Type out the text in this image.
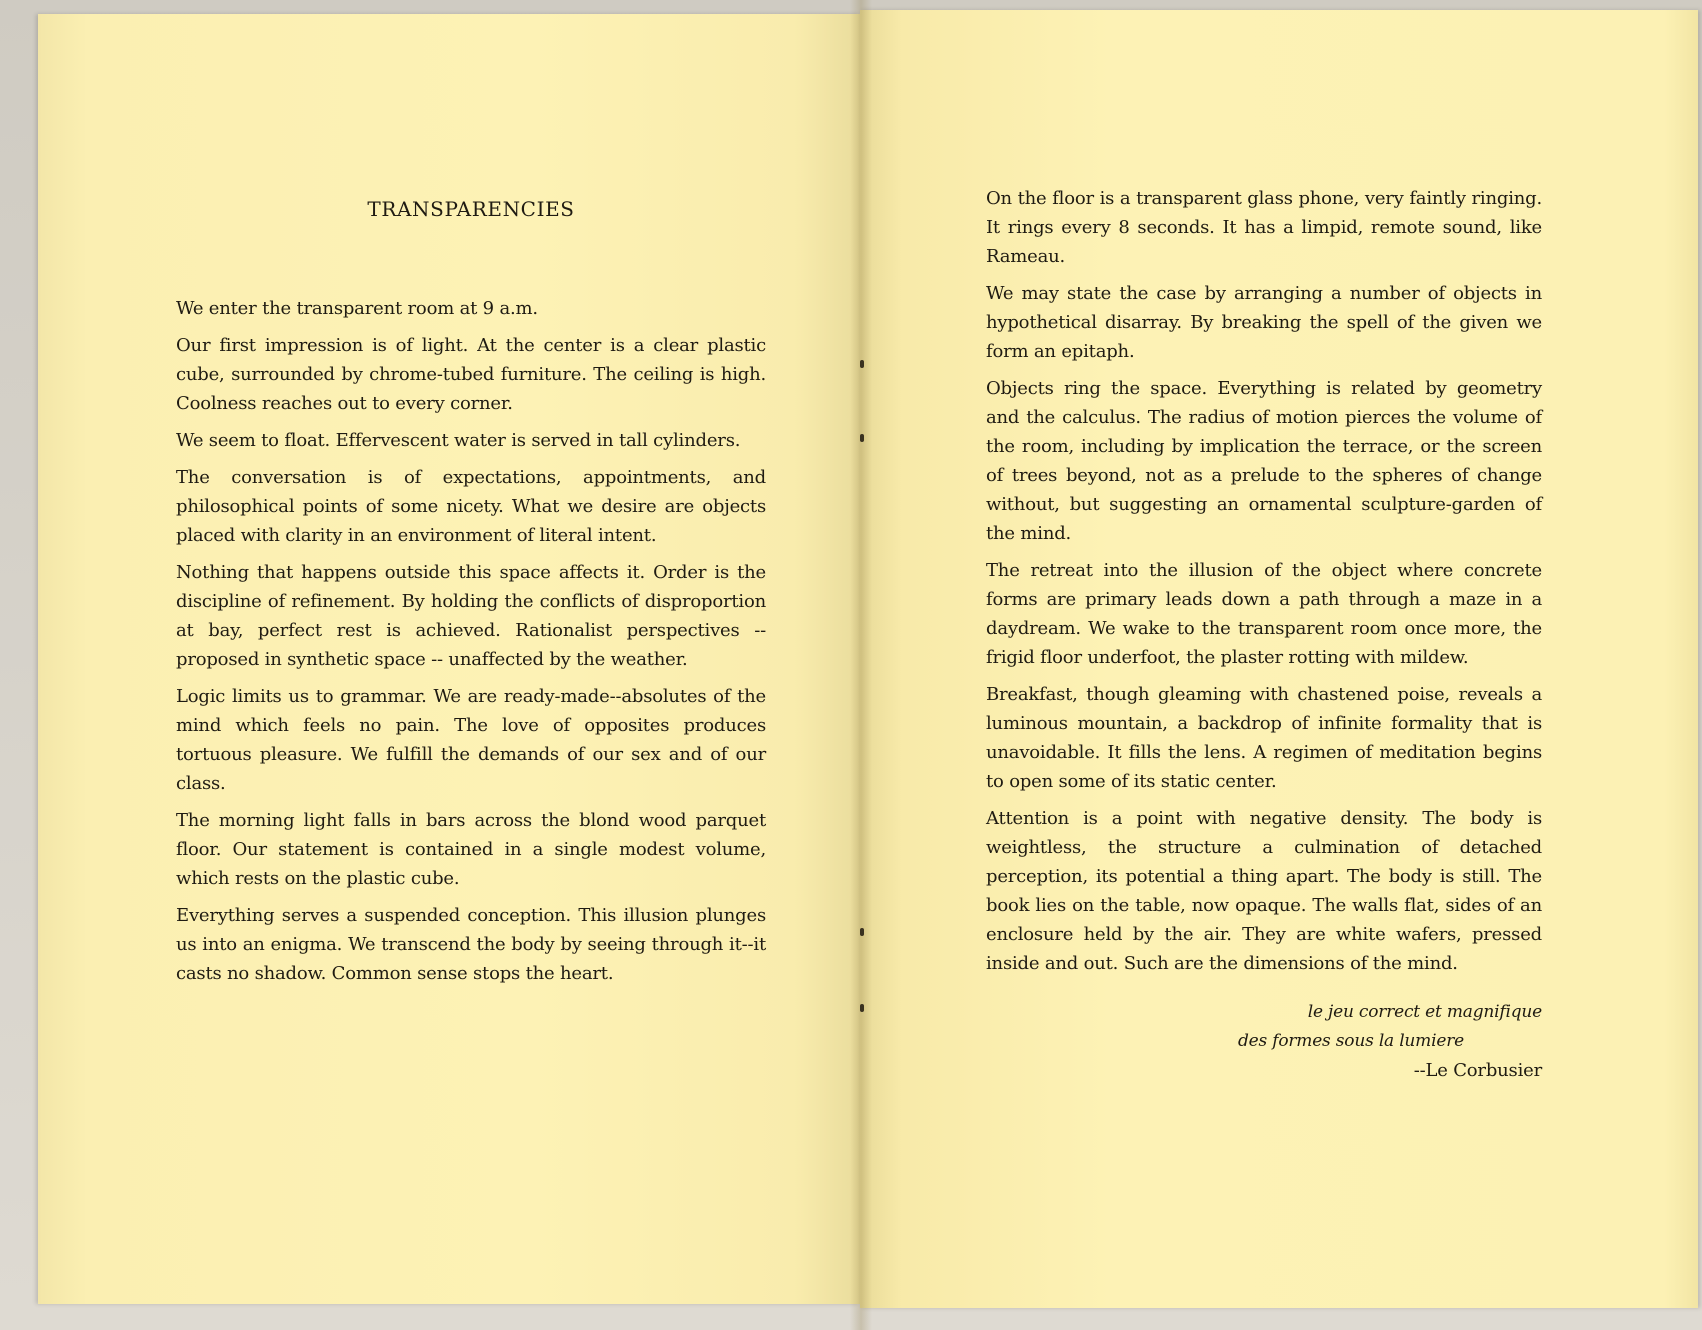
TRANSPARENCIES

We enter the transparent room at 9 a.m.

Our first impression is of light. At the center is a clear plastic cube, surrounded by chrome-tubed furniture. The ceiling is high. Coolness reaches out to every corner.

We seem to float. Effervescent water is served in tall cylinders.

The conversation is of expectations, appointments, and philosophical points of some nicety. What we desire are objects placed with clarity in an environment of literal intent.

Nothing that happens outside this space affects it. Order is the discipline of refinement. By holding the conflicts of disproportion at bay, perfect rest is achieved. Rationalist perspectives -- proposed in synthetic space -- unaffected by the weather.

Logic limits us to grammar. We are ready-made--absolutes of the mind which feels no pain. The love of opposites produces tortuous pleasure. We fulfill the demands of our sex and of our class.

The morning light falls in bars across the blond wood parquet floor. Our statement is contained in a single modest volume, which rests on the plastic cube.

Everything serves a suspended conception. This illusion plunges us into an enigma. We transcend the body by seeing through it--it casts no shadow. Common sense stops the heart.

On the floor is a transparent glass phone, very faintly ringing. It rings every 8 seconds. It has a limpid, remote sound, like Rameau.

We may state the case by arranging a number of objects in hypothetical disarray. By breaking the spell of the given we form an epitaph.

Objects ring the space. Everything is related by geometry and the calculus. The radius of motion pierces the volume of the room, including by implication the terrace, or the screen of trees beyond, not as a prelude to the spheres of change without, but suggesting an ornamental sculpture-garden of the mind.

The retreat into the illusion of the object where concrete forms are primary leads down a path through a maze in a daydream. We wake to the transparent room once more, the frigid floor underfoot, the plaster rotting with mildew.

Breakfast, though gleaming with chastened poise, reveals a luminous mountain, a backdrop of infinite formality that is unavoidable. It fills the lens. A regimen of meditation begins to open some of its static center.

Attention is a point with negative density. The body is weightless, the structure a culmination of detached perception, its potential a thing apart. The body is still. The book lies on the table, now opaque. The walls flat, sides of an enclosure held by the air. They are white wafers, pressed inside and out. Such are the dimensions of the mind.

le jeu correct et magnifique
des formes sous la lumiere
--Le Corbusier
